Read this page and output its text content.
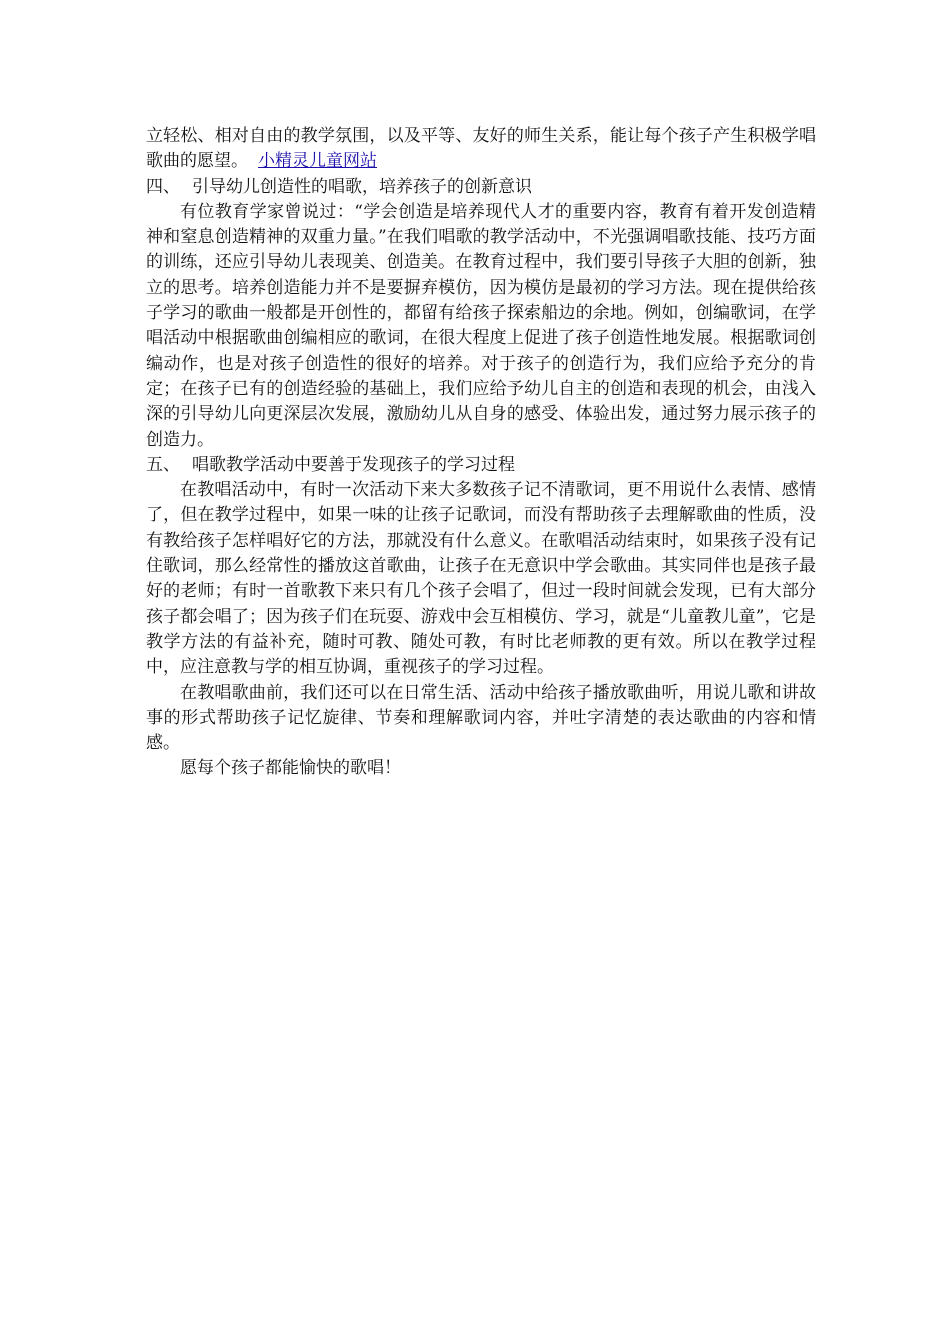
立轻松、相对自由的教学氛围，以及平等、友好的师生关系，能让每个孩子产生积极学唱歌曲的愿望。 小精灵儿童网站

四、 引导幼儿创造性的唱歌，培养孩子的创新意识

有位教育学家曾说过：“学会创造是培养现代人才的重要内容，教育有着开发创造精神和窒息创造精神的双重力量。”在我们唱歌的教学活动中，不光强调唱歌技能、技巧方面的训练，还应引导幼儿表现美、创造美。在教育过程中，我们要引导孩子大胆的创新，独立的思考。培养创造能力并不是要摒弃模仿，因为模仿是最初的学习方法。现在提供给孩子学习的歌曲一般都是开创性的，都留有给孩子探索船边的余地。例如，创编歌词，在学唱活动中根据歌曲创编相应的歌词，在很大程度上促进了孩子创造性地发展。根据歌词创编动作，也是对孩子创造性的很好的培养。对于孩子的创造行为，我们应给予充分的肯定；在孩子已有的创造经验的基础上，我们应给予幼儿自主的创造和表现的机会，由浅入深的引导幼儿向更深层次发展，激励幼儿从自身的感受、体验出发，通过努力展示孩子的创造力。

五、 唱歌教学活动中要善于发现孩子的学习过程

在教唱活动中，有时一次活动下来大多数孩子记不清歌词，更不用说什么表情、感情了，但在教学过程中，如果一味的让孩子记歌词，而没有帮助孩子去理解歌曲的性质，没有教给孩子怎样唱好它的方法，那就没有什么意义。在歌唱活动结束时，如果孩子没有记住歌词，那么经常性的播放这首歌曲，让孩子在无意识中学会歌曲。其实同伴也是孩子最好的老师；有时一首歌教下来只有几个孩子会唱了，但过一段时间就会发现，已有大部分孩子都会唱了；因为孩子们在玩耍、游戏中会互相模仿、学习，就是“儿童教儿童”，它是教学方法的有益补充，随时可教、随处可教，有时比老师教的更有效。所以在教学过程中，应注意教与学的相互协调，重视孩子的学习过程。

在教唱歌曲前，我们还可以在日常生活、活动中给孩子播放歌曲听，用说儿歌和讲故事的形式帮助孩子记忆旋律、节奏和理解歌词内容，并吐字清楚的表达歌曲的内容和情感。

愿每个孩子都能愉快的歌唱！
